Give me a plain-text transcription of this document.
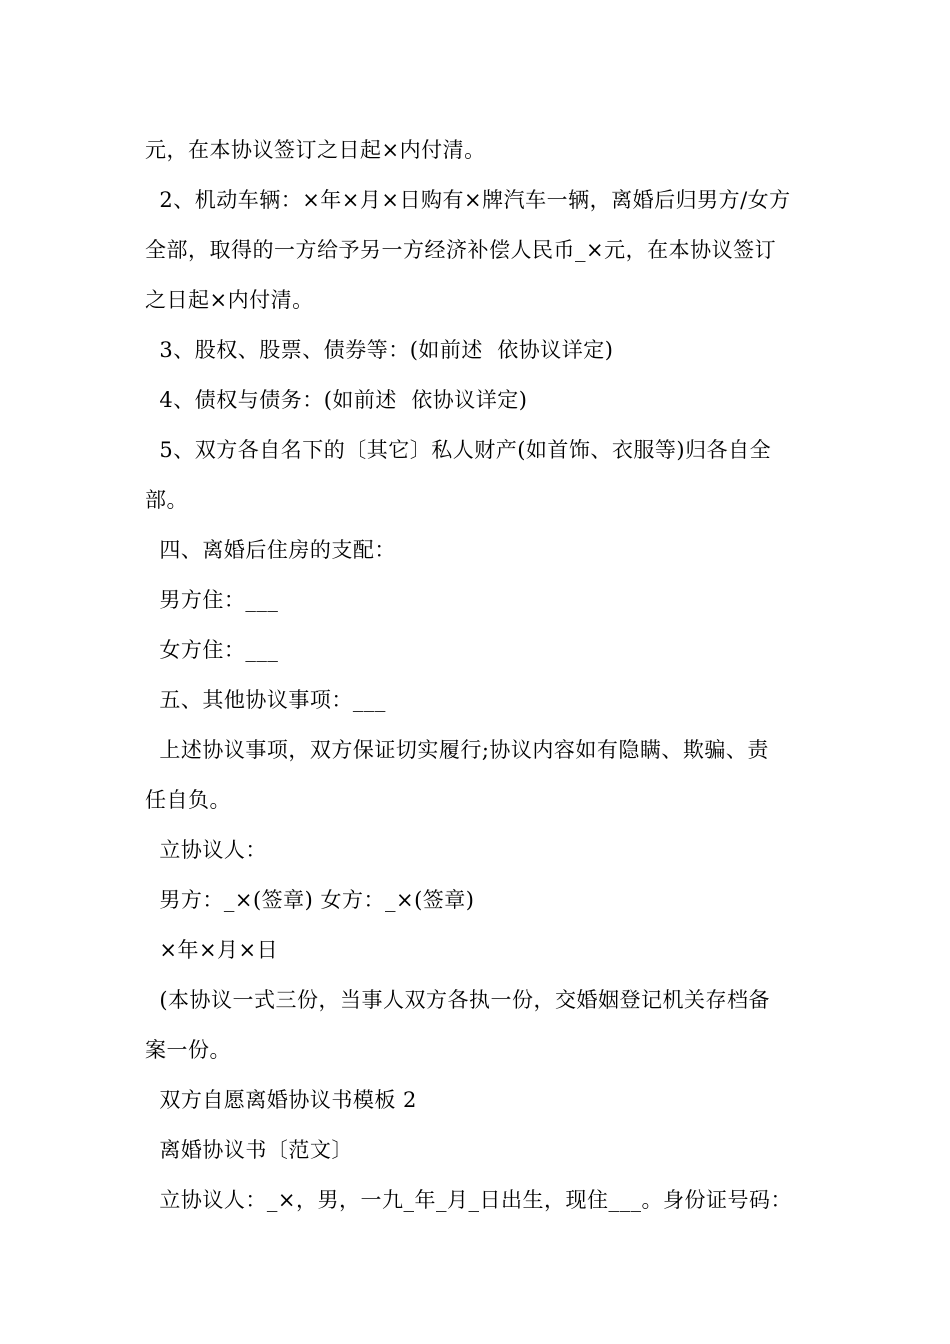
元，在本协议签订之日起×内付清。
2、机动车辆：×年×月×日购有×牌汽车一辆，离婚后归男方/女方
全部，取得的一方给予另一方经济补偿人民币_×元，在本协议签订
之日起×内付清。
3、股权、股票、债券等：(如前述  依协议详定)
4、债权与债务：(如前述  依协议详定)
5、双方各自名下的〔其它〕私人财产(如首饰、衣服等)归各自全
部。
四、离婚后住房的支配：
男方住：___
女方住：___
五、其他协议事项：___
上述协议事项，双方保证切实履行;协议内容如有隐瞒、欺骗、责
任自负。
立协议人：
男方：_×(签章) 女方：_×(签章)
×年×月×日
(本协议一式三份，当事人双方各执一份，交婚姻登记机关存档备
案一份。
双方自愿离婚协议书模板 2
离婚协议书〔范文〕
立协议人：_×，男，一九_年_月_日出生，现住___。身份证号码：
